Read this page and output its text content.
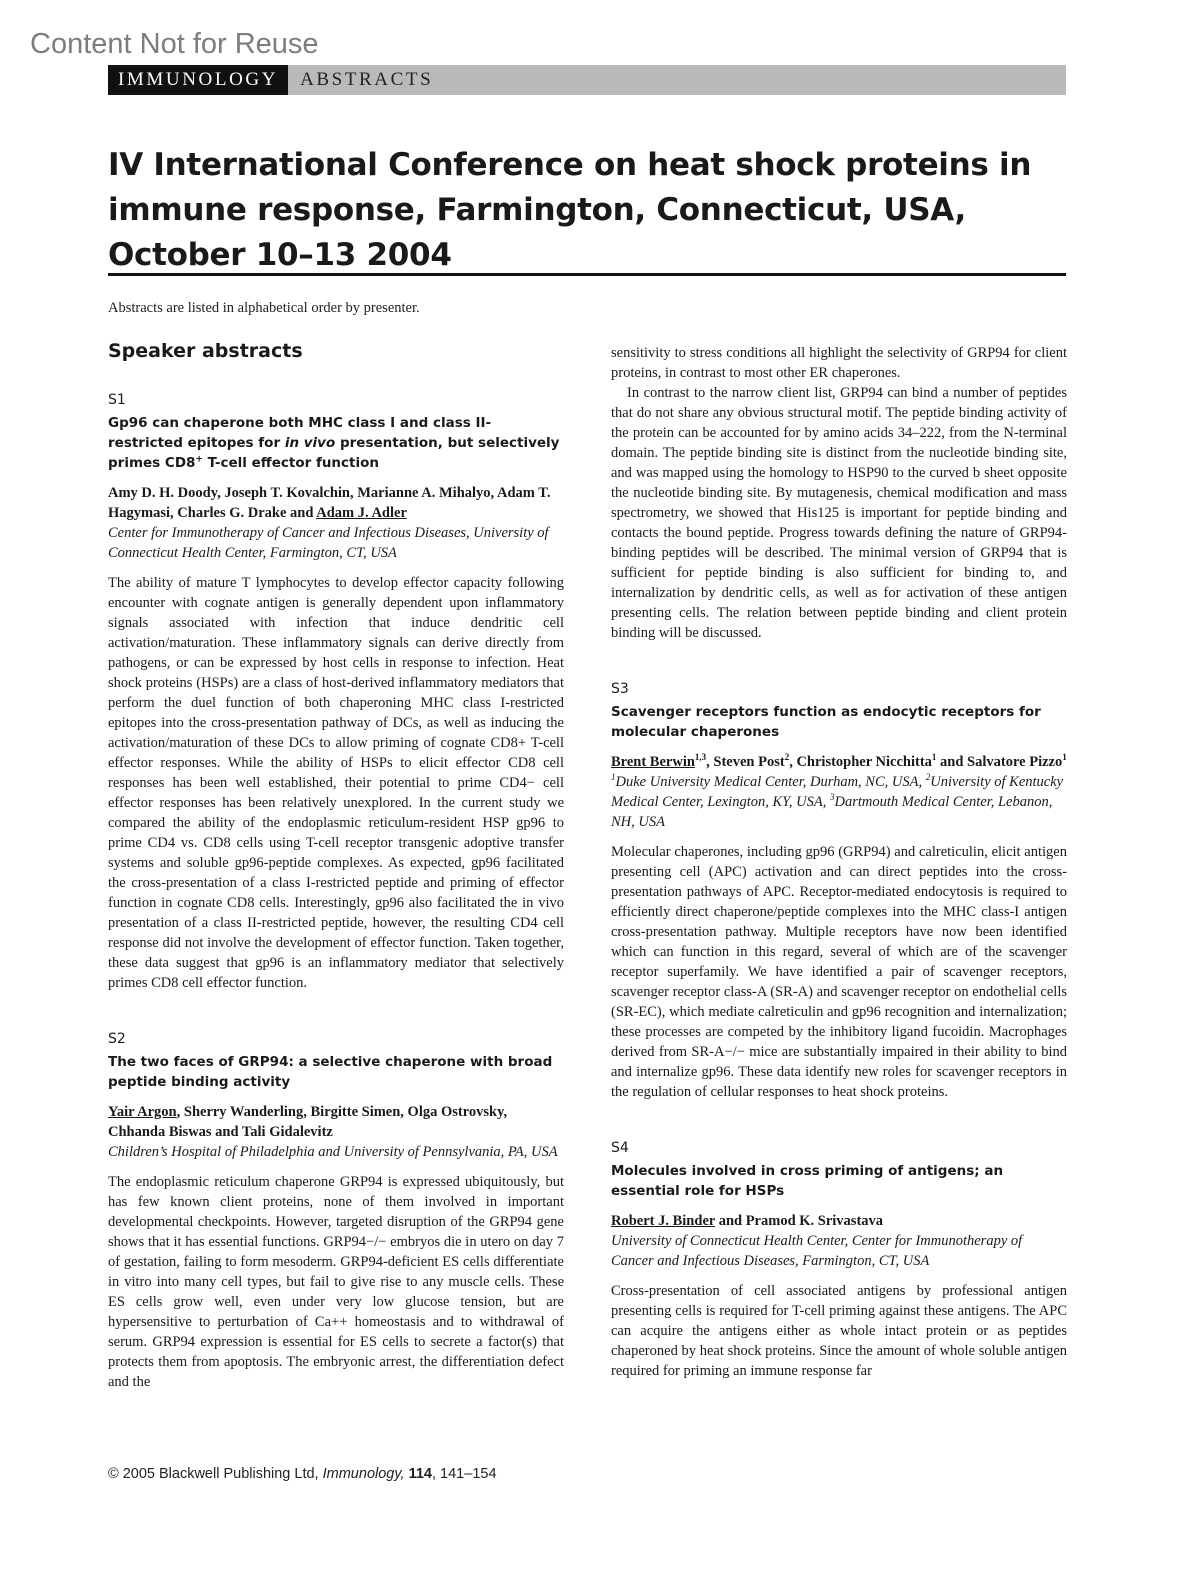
Content Not for Reuse
IMMUNOLOGY	ABSTRACTS
IV International Conference on heat shock proteins in immune response, Farmington, Connecticut, USA, October 10–13 2004
Abstracts are listed in alphabetical order by presenter.
Speaker abstracts
S1
Gp96 can chaperone both MHC class I and class II-restricted epitopes for in vivo presentation, but selectively primes CD8+ T-cell effector function

Amy D. H. Doody, Joseph T. Kovalchin, Marianne A. Mihalyo, Adam T. Hagymasi, Charles G. Drake and Adam J. Adler

Center for Immunotherapy of Cancer and Infectious Diseases, University of Connecticut Health Center, Farmington, CT, USA

The ability of mature T lymphocytes to develop effector capacity following encounter with cognate antigen is generally dependent upon inflammatory signals associated with infection that induce dendritic cell activation/maturation. These inflammatory signals can derive directly from pathogens, or can be expressed by host cells in response to infection. Heat shock proteins (HSPs) are a class of host-derived inflammatory mediators that perform the duel function of both chaperoning MHC class I-restricted epitopes into the cross-presentation pathway of DCs, as well as inducing the activation/maturation of these DCs to allow priming of cognate CD8+ T-cell effector responses. While the ability of HSPs to elicit effector CD8 cell responses has been well established, their potential to prime CD4− cell effector responses has been relatively unexplored. In the current study we compared the ability of the endoplasmic reticulum-resident HSP gp96 to prime CD4 vs. CD8 cells using T-cell receptor transgenic adoptive transfer systems and soluble gp96-peptide complexes. As expected, gp96 facilitated the cross-presentation of a class I-restricted peptide and priming of effector function in cognate CD8 cells. Interestingly, gp96 also facilitated the in vivo presentation of a class II-restricted peptide, however, the resulting CD4 cell response did not involve the development of effector function. Taken together, these data suggest that gp96 is an inflammatory mediator that selectively primes CD8 cell effector function.

S2
The two faces of GRP94: a selective chaperone with broad peptide binding activity

Yair Argon, Sherry Wanderling, Birgitte Simen, Olga Ostrovsky, Chhanda Biswas and Tali Gidalevitz

Children’s Hospital of Philadelphia and University of Pennsylvania, PA, USA

The endoplasmic reticulum chaperone GRP94 is expressed ubiquitously, but has few known client proteins, none of them involved in important developmental checkpoints. However, targeted disruption of the GRP94 gene shows that it has essential functions. GRP94−/− embryos die in utero on day 7 of gestation, failing to form mesoderm. GRP94-deficient ES cells differentiate in vitro into many cell types, but fail to give rise to any muscle cells. These ES cells grow well, even under very low glucose tension, but are hypersensitive to perturbation of Ca++ homeostasis and to withdrawal of serum. GRP94 expression is essential for ES cells to secrete a factor(s) that protects them from apoptosis. The embryonic arrest, the differentiation defect and the

sensitivity to stress conditions all highlight the selectivity of GRP94 for client proteins, in contrast to most other ER chaperones.

In contrast to the narrow client list, GRP94 can bind a number of peptides that do not share any obvious structural motif. The peptide binding activity of the protein can be accounted for by amino acids 34–222, from the N-terminal domain. The peptide binding site is distinct from the nucleotide binding site, and was mapped using the homology to HSP90 to the curved b sheet opposite the nucleotide binding site. By mutagenesis, chemical modification and mass spectrometry, we showed that His125 is important for peptide binding and contacts the bound peptide. Progress towards defining the nature of GRP94-binding peptides will be described. The minimal version of GRP94 that is sufficient for peptide binding is also sufficient for binding to, and internalization by dendritic cells, as well as for activation of these antigen presenting cells. The relation between peptide binding and client protein binding will be discussed.

S3
Scavenger receptors function as endocytic receptors for molecular chaperones

Brent Berwin$^{1,3}$, Steven Post$^2$, Christopher Nicchitta$^1$ and Salvatore Pizzo$^1$

$^1$Duke University Medical Center, Durham, NC, USA, $^2$University of Kentucky Medical Center, Lexington, KY, USA, $^3$Dartmouth Medical Center, Lebanon, NH, USA

Molecular chaperones, including gp96 (GRP94) and calreticulin, elicit antigen presenting cell (APC) activation and can direct peptides into the cross-presentation pathways of APC. Receptor-mediated endocytosis is required to efficiently direct chaperone/peptide complexes into the MHC class-I antigen cross-presentation pathway. Multiple receptors have now been identified which can function in this regard, several of which are of the scavenger receptor superfamily. We have identified a pair of scavenger receptors, scavenger receptor class-A (SR-A) and scavenger receptor on endothelial cells (SR-EC), which mediate calreticulin and gp96 recognition and internalization; these processes are competed by the inhibitory ligand fucoidin. Macrophages derived from SR-A−/− mice are substantially impaired in their ability to bind and internalize gp96. These data identify new roles for scavenger receptors in the regulation of cellular responses to heat shock proteins.

S4
Molecules involved in cross priming of antigens; an essential role for HSPs

Robert J. Binder and Pramod K. Srivastava

University of Connecticut Health Center, Center for Immunotherapy of Cancer and Infectious Diseases, Farmington, CT, USA

Cross-presentation of cell associated antigens by professional antigen presenting cells is required for T-cell priming against these antigens. The APC can acquire the antigens either as whole intact protein or as peptides chaperoned by heat shock proteins. Since the amount of whole soluble antigen required for priming an immune response far

© 2005 Blackwell Publishing Ltd, Immunology, 114, 141–154
